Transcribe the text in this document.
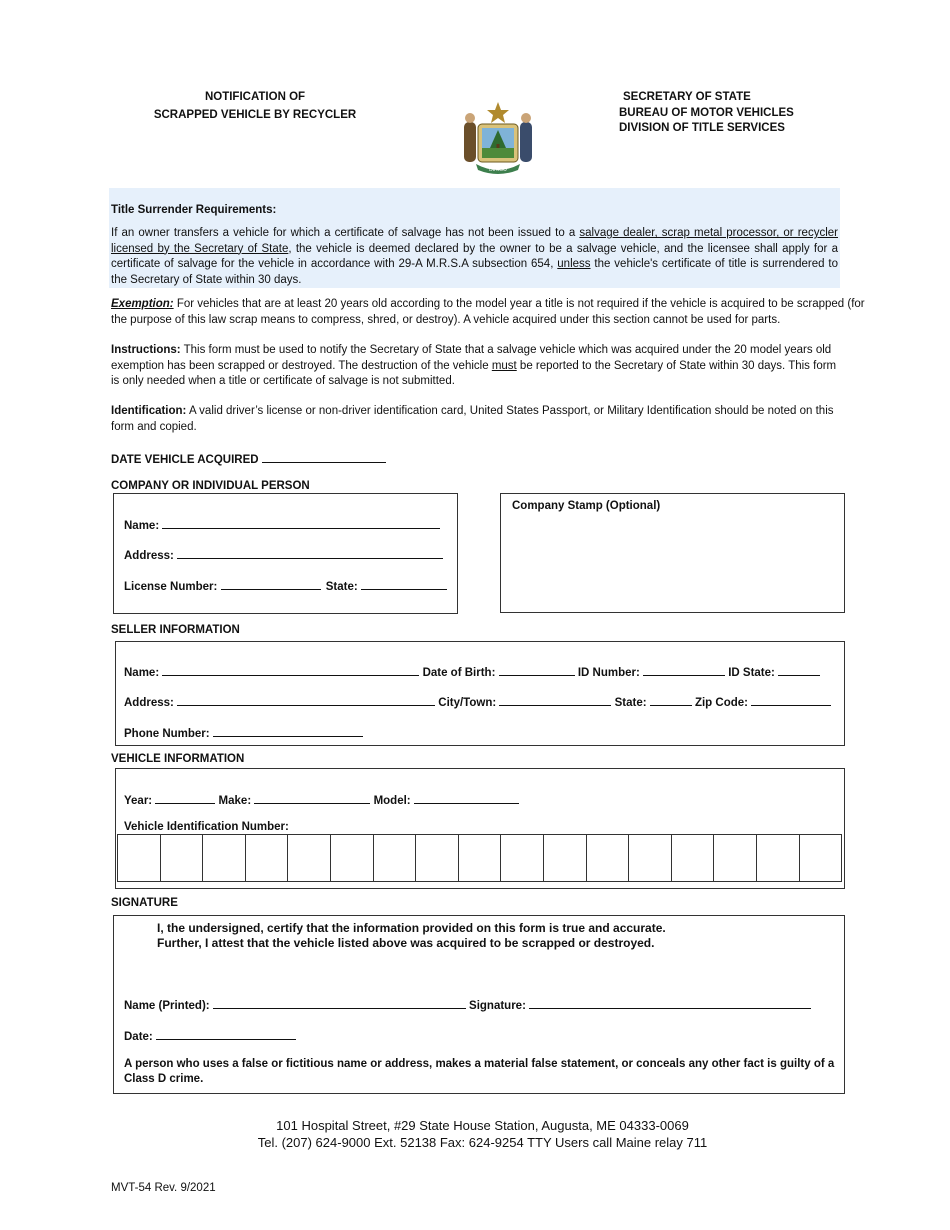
NOTIFICATION OF
SCRAPPED VEHICLE BY RECYCLER
DIRIGO
SECRETARY OF STATE
BUREAU OF MOTOR VEHICLES
DIVISION OF TITLE SERVICES
Title Surrender Requirements:
If an owner transfers a vehicle for which a certificate of salvage has not been issued to a salvage dealer, scrap metal processor, or recycler licensed by the Secretary of State, the vehicle is deemed declared by the owner to be a salvage vehicle, and the licensee shall apply for a certificate of salvage for the vehicle in accordance with 29-A M.R.S.A subsection 654, unless the vehicle's certificate of title is surrendered to the Secretary of State within 30 days.
Exemption: For vehicles that are at least 20 years old according to the model year a title is not required if the vehicle is acquired to be scrapped (for the purpose of this law scrap means to compress, shred, or destroy). A vehicle acquired under this section cannot be used for parts.
Instructions: This form must be used to notify the Secretary of State that a salvage vehicle which was acquired under the 20 model years old exemption has been scrapped or destroyed. The destruction of the vehicle must be reported to the Secretary of State within 30 days. This form is only needed when a title or certificate of salvage is not submitted.
Identification: A valid driver’s license or non-driver identification card, United States Passport, or Military Identification should be noted on this form and copied.
DATE VEHICLE ACQUIRED
COMPANY OR INDIVIDUAL PERSON
Name:
Address:
License Number:	State:
Company Stamp (Optional)
SELLER INFORMATION
Name:	Date of Birth:	ID Number:	ID State:
Address:	City/Town:	State:	Zip Code:
Phone Number:
VEHICLE INFORMATION
Year:	Make:	Model:
Vehicle Identification Number:
SIGNATURE
I, the undersigned, certify that the information provided on this form is true and accurate. Further, I attest that the vehicle listed above was acquired to be scrapped or destroyed.
Name (Printed):	Signature:
Date:
A person who uses a false or fictitious name or address, makes a material false statement, or conceals any other fact is guilty of a Class D crime.
101 Hospital Street, #29 State House Station, Augusta, ME 04333-0069
Tel. (207) 624-9000 Ext. 52138 Fax: 624-9254 TTY Users call Maine relay 711
MVT-54 Rev. 9/2021
